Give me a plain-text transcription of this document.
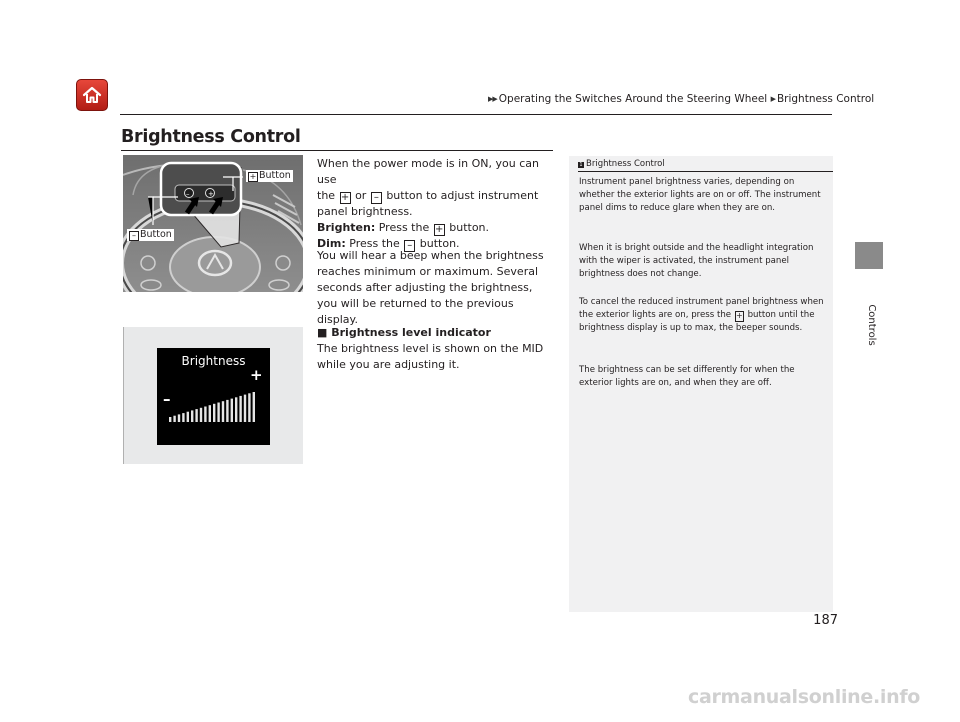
▶▶ Operating the Switches Around the Steering Wheel ▶ Brightness Control
Brightness Control
Controls
–	+
+ Button
– Button
When the power mode is in ON, you can use
the + or – button to adjust instrument
panel brightness.
Brighten: Press the + button.
Dim: Press the – button.
You will hear a beep when the brightness reaches minimum or maximum. Several seconds after adjusting the brightness, you will be returned to the previous display.
■ Brightness level indicator
The brightness level is shown on the MID while you are adjusting it.
Brightness
+
–
1 Brightness Control

Instrument panel brightness varies, depending on whether the exterior lights are on or off. The instrument panel dims to reduce glare when they are on.

When it is bright outside and the headlight integration with the wiper is activated, the instrument panel brightness does not change.

To cancel the reduced instrument panel brightness when the exterior lights are on, press the + button until the brightness display is up to max, the beeper sounds.

The brightness can be set differently for when the exterior lights are on, and when they are off.

187
carmanualsonline.info
